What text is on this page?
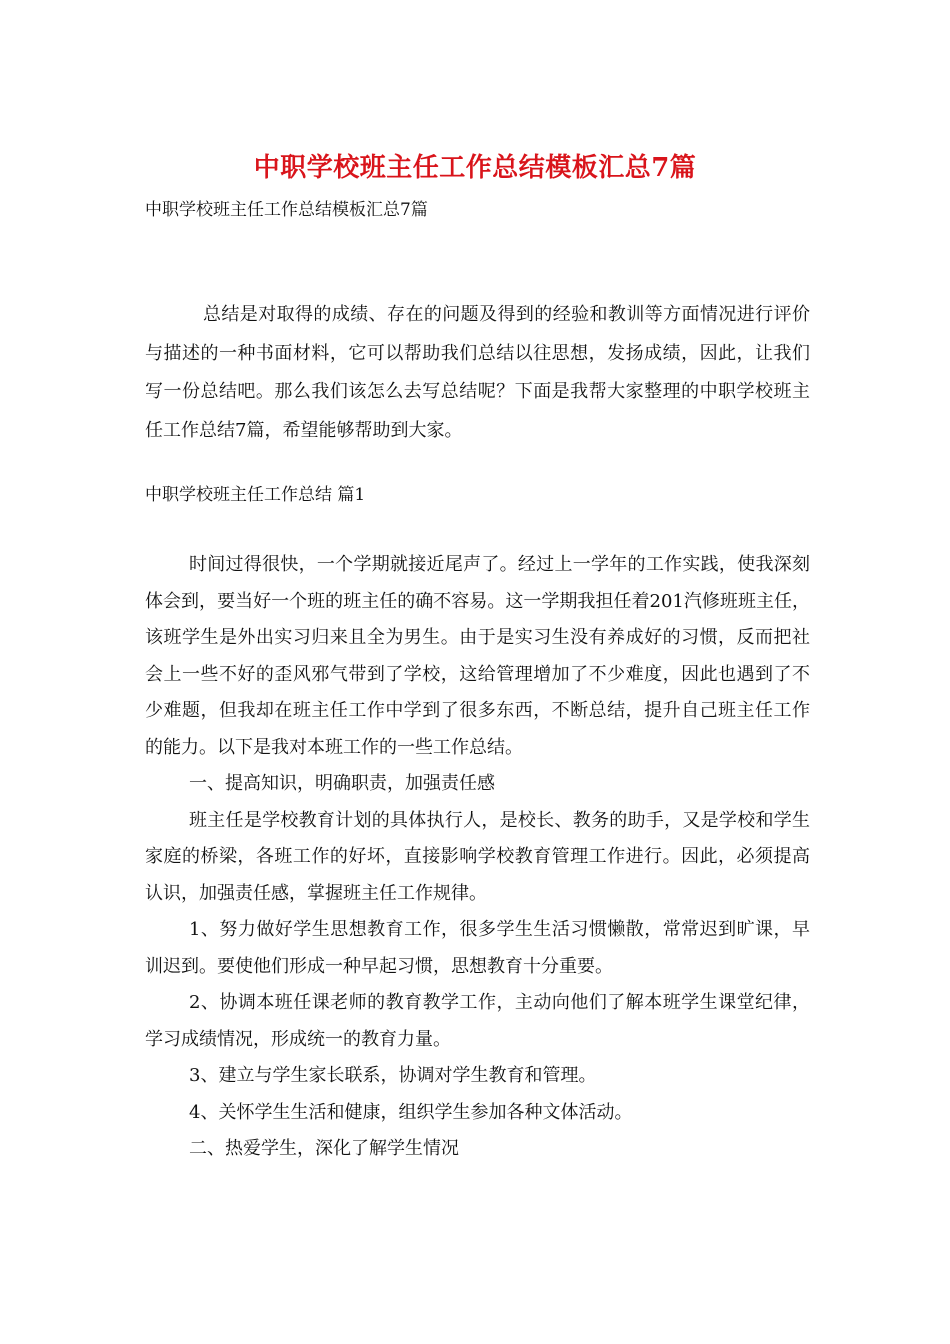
中职学校班主任工作总结模板汇总7篇
中职学校班主任工作总结模板汇总7篇

总结是对取得的成绩、存在的问题及得到的经验和教训等方面情况进行评价与描述的一种书面材料，它可以帮助我们总结以往思想，发扬成绩，因此，让我们写一份总结吧。那么我们该怎么去写总结呢？下面是我帮大家整理的中职学校班主任工作总结7篇，希望能够帮助到大家。

中职学校班主任工作总结 篇1

时间过得很快，一个学期就接近尾声了。经过上一学年的工作实践，使我深刻体会到，要当好一个班的班主任的确不容易。这一学期我担任着201汽修班班主任，该班学生是外出实习归来且全为男生。由于是实习生没有养成好的习惯，反而把社会上一些不好的歪风邪气带到了学校，这给管理增加了不少难度，因此也遇到了不少难题，但我却在班主任工作中学到了很多东西，不断总结，提升自己班主任工作的能力。以下是我对本班工作的一些工作总结。

一、提高知识，明确职责，加强责任感

班主任是学校教育计划的具体执行人，是校长、教务的助手，又是学校和学生家庭的桥梁，各班工作的好坏，直接影响学校教育管理工作进行。因此，必须提高认识，加强责任感，掌握班主任工作规律。

1、努力做好学生思想教育工作，很多学生生活习惯懒散，常常迟到旷课，早训迟到。要使他们形成一种早起习惯，思想教育十分重要。

2、协调本班任课老师的教育教学工作，主动向他们了解本班学生课堂纪律，学习成绩情况，形成统一的教育力量。

3、建立与学生家长联系，协调对学生教育和管理。

4、关怀学生生活和健康，组织学生参加各种文体活动。

二、热爱学生，深化了解学生情况
